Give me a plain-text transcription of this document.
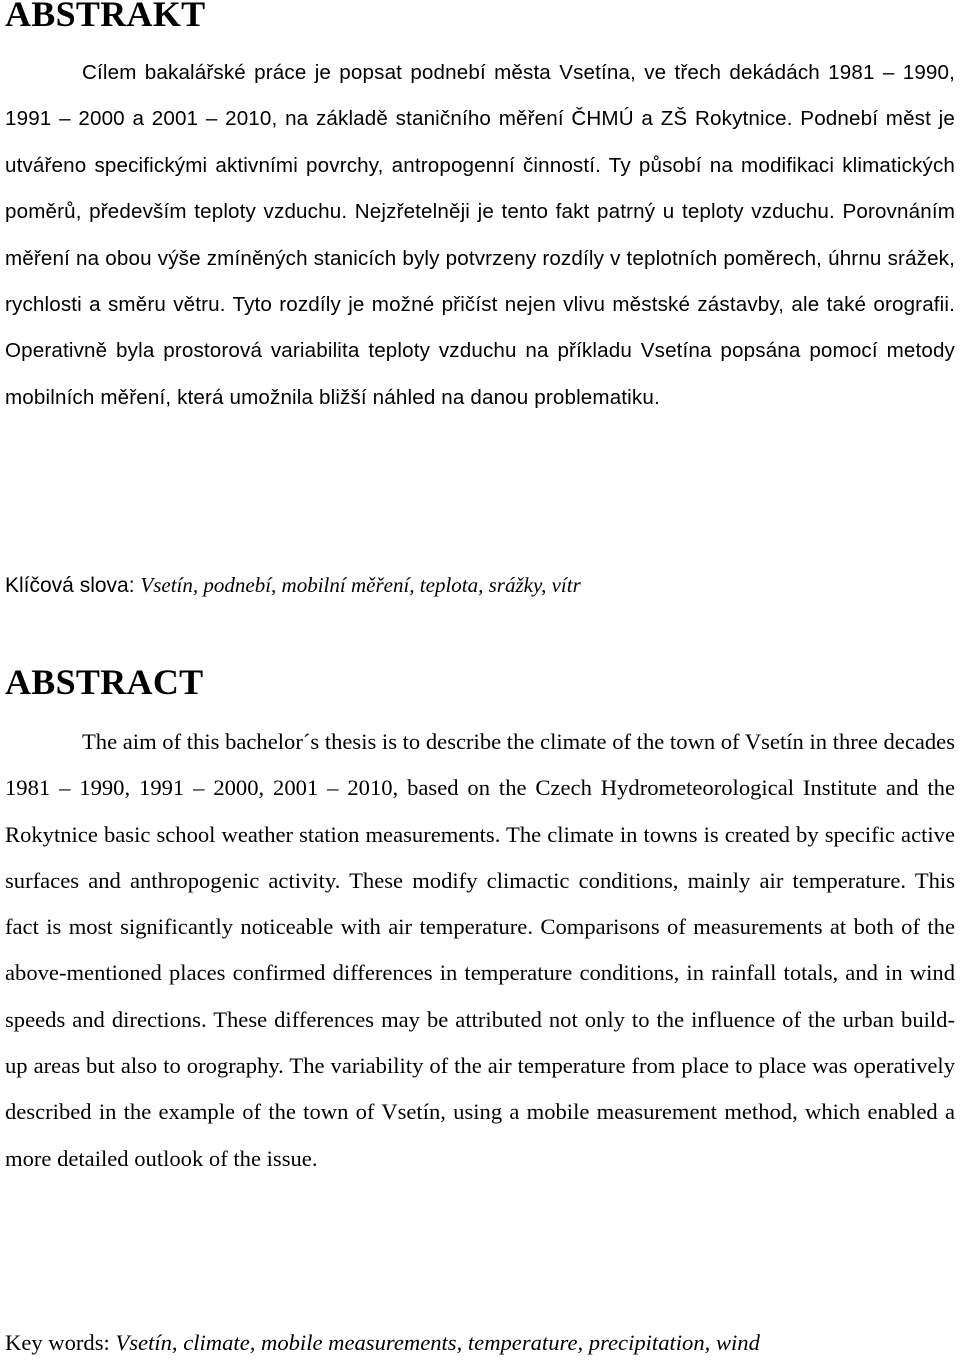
ABSTRAKT

Cílem bakalářské práce je popsat podnebí města Vsetína, ve třech dekádách 1981 – 1990, 1991 – 2000 a 2001 – 2010, na základě staničního měření ČHMÚ a ZŠ Rokytnice. Podnebí měst je utvářeno specifickými aktivními povrchy, antropogenní činností. Ty působí na modifikaci klimatických poměrů, především teploty vzduchu. Nejzřetelněji je tento fakt patrný u teploty vzduchu. Porovnáním měření na obou výše zmíněných stanicích byly potvrzeny rozdíly v teplotních poměrech, úhrnu srážek, rychlosti a směru větru. Tyto rozdíly je možné přičíst nejen vlivu městské zástavby, ale také orografii. Operativně byla prostorová variabilita teploty vzduchu na příkladu Vsetína popsána pomocí metody mobilních měření, která umožnila bližší náhled na danou problematiku.

Klíčová slova: Vsetín, podnebí, mobilní měření, teplota, srážky, vítr

ABSTRACT

The aim of this bachelor´s thesis is to describe the climate of the town of Vsetín in three decades 1981 – 1990, 1991 – 2000, 2001 – 2010, based on the Czech Hydrometeorological Institute and the Rokytnice basic school weather station measurements. The climate in towns is created by specific active surfaces and anthropogenic activity. These modify climactic conditions, mainly air temperature. This fact is most significantly noticeable with air temperature. Comparisons of measurements at both of the above-mentioned places confirmed differences in temperature conditions, in rainfall totals, and in wind speeds and directions. These differences may be attributed not only to the influence of the urban build-up areas but also to orography. The variability of the air temperature from place to place was operatively described in the example of the town of Vsetín, using a mobile measurement method, which enabled a more detailed outlook of the issue.

Key words: Vsetín, climate, mobile measurements, temperature, precipitation, wind
